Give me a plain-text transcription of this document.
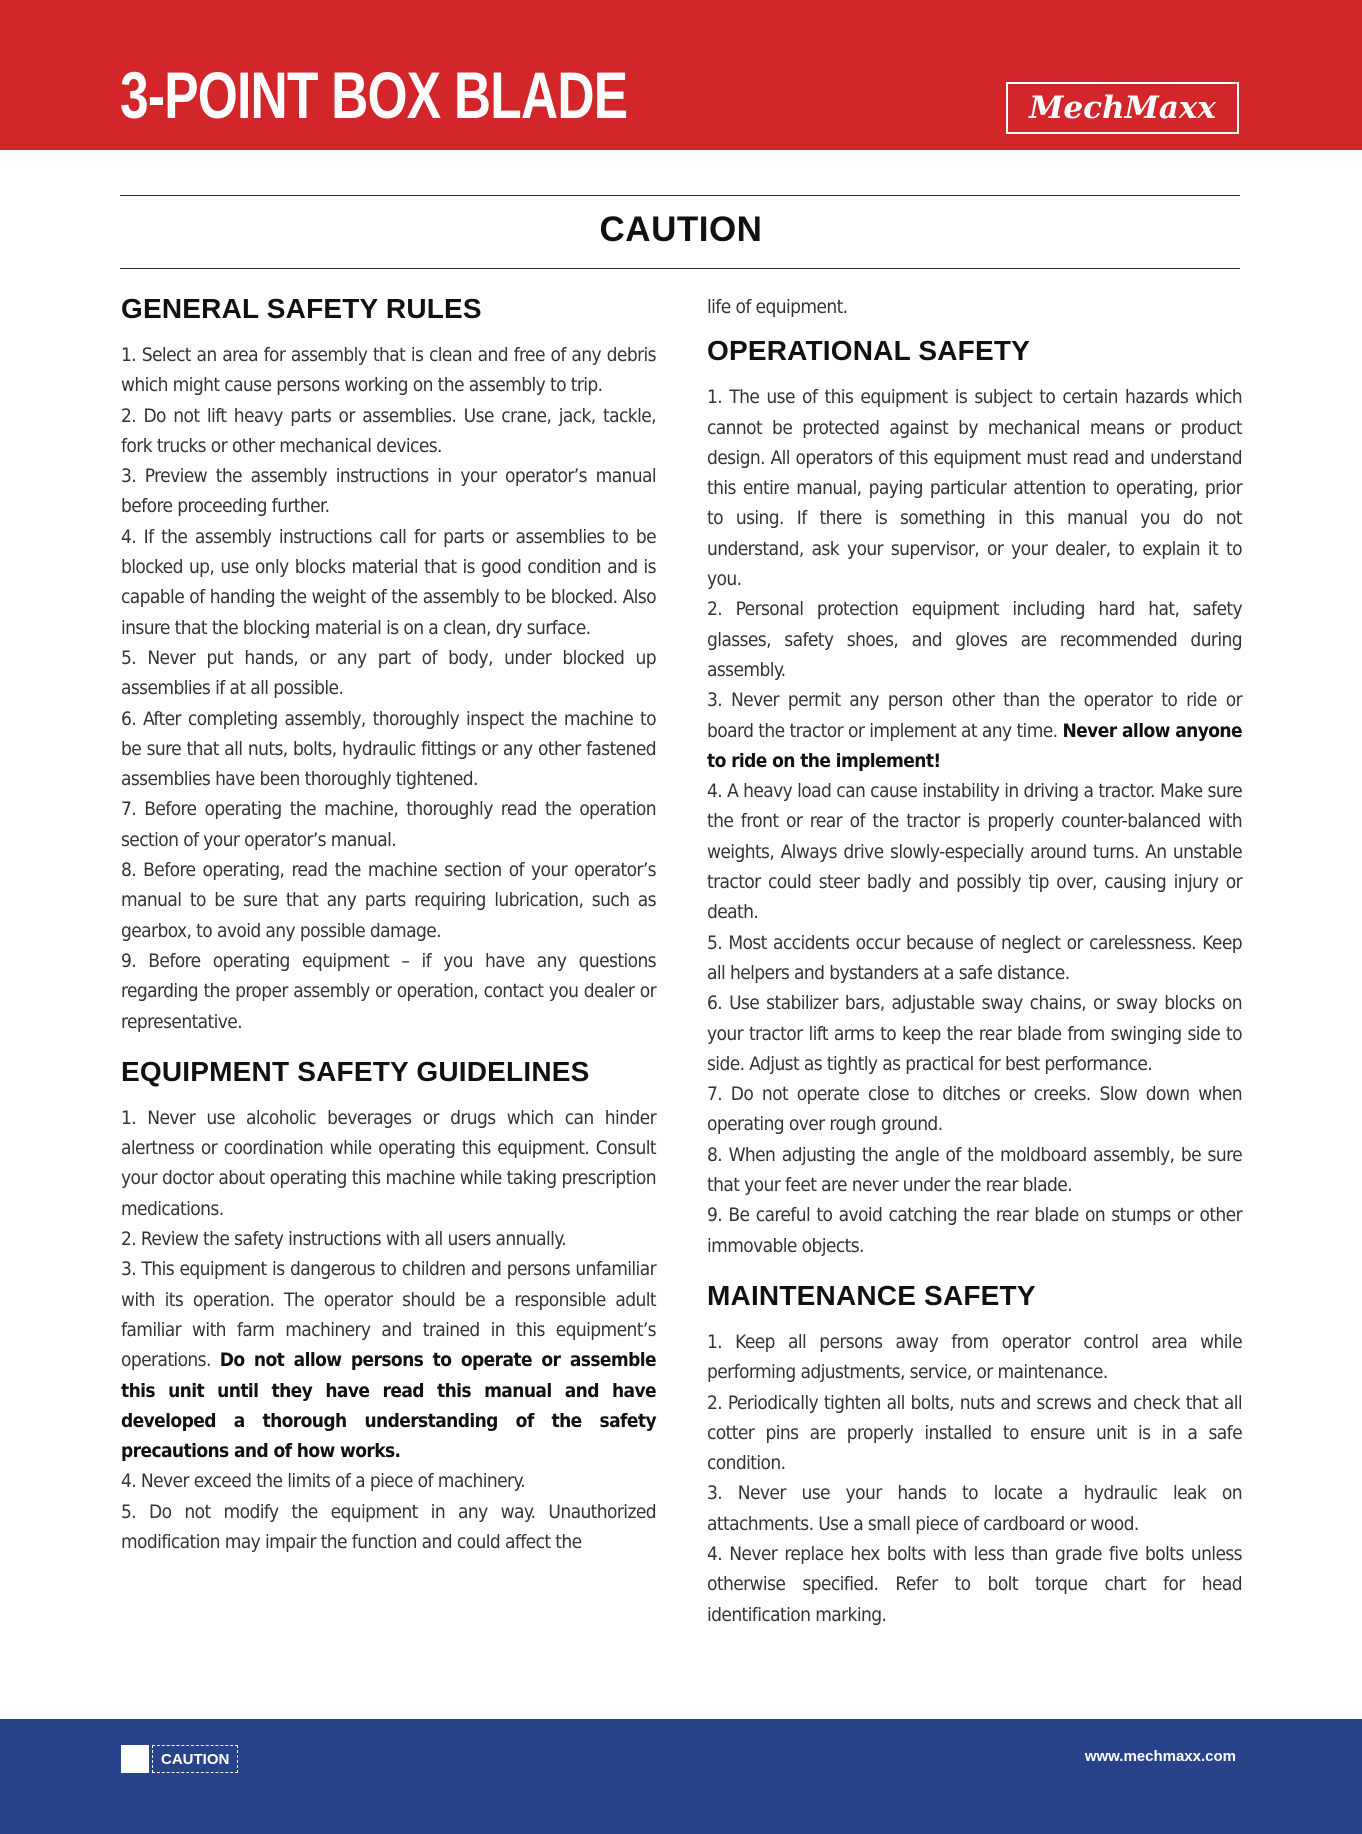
3-POINT BOX BLADE	MechMaxx
CAUTION
GENERAL SAFETY RULES

1. Select an area for assembly that is clean and free of any debris which might cause persons working on the assembly to trip.

2. Do not lift heavy parts or assemblies. Use crane, jack, tackle, fork trucks or other mechanical devices.

3. Preview the assembly instructions in your operator’s manual before proceeding further.

4. If the assembly instructions call for parts or assemblies to be blocked up, use only blocks material that is good condition and is capable of handing the weight of the assembly to be blocked. Also insure that the blocking material is on a clean, dry surface.

5. Never put hands, or any part of body, under blocked up assemblies if at all possible.

6. After completing assembly, thoroughly inspect the machine to be sure that all nuts, bolts, hydraulic fittings or any other fastened assemblies have been thoroughly tightened.

7. Before operating the machine, thoroughly read the operation section of your operator’s manual.

8. Before operating, read the machine section of your operator’s manual to be sure that any parts requiring lubrication, such as gearbox, to avoid any possible damage.

9. Before operating equipment – if you have any questions regarding the proper assembly or operation, contact you dealer or representative.

EQUIPMENT SAFETY GUIDELINES

1. Never use alcoholic beverages or drugs which can hinder alertness or coordination while operating this equipment. Consult your doctor about operating this machine while taking prescription medications.

2. Review the safety instructions with all users annually.

3. This equipment is dangerous to children and persons unfamiliar with its operation. The operator should be a responsible adult familiar with farm machinery and trained in this equipment’s operations. Do not allow persons to operate or assemble this unit until they have read this manual and have developed a thorough understanding of the safety precautions and of how works.

4. Never exceed the limits of a piece of machinery.

5. Do not modify the equipment in any way. Unauthorized modification may impair the function and could affect the

life of equipment.

OPERATIONAL SAFETY

1. The use of this equipment is subject to certain hazards which cannot be protected against by mechanical means or product design. All operators of this equipment must read and understand this entire manual, paying particular attention to operating, prior to using. If there is something in this manual you do not understand, ask your supervisor, or your dealer, to explain it to you.

2. Personal protection equipment including hard hat, safety glasses, safety shoes, and gloves are recommended during assembly.

3. Never permit any person other than the operator to ride or board the tractor or implement at any time. Never allow anyone to ride on the implement!

4. A heavy load can cause instability in driving a tractor. Make sure the front or rear of the tractor is properly counter-balanced with weights, Always drive slowly-especially around turns. An unstable tractor could steer badly and possibly tip over, causing injury or death.

5. Most accidents occur because of neglect or carelessness. Keep all helpers and bystanders at a safe distance.

6. Use stabilizer bars, adjustable sway chains, or sway blocks on your tractor lift arms to keep the rear blade from swinging side to side. Adjust as tightly as practical for best performance.

7. Do not operate close to ditches or creeks. Slow down when operating over rough ground.

8. When adjusting the angle of the moldboard assembly, be sure that your feet are never under the rear blade.

9. Be careful to avoid catching the rear blade on stumps or other immovable objects.

MAINTENANCE SAFETY

1. Keep all persons away from operator control area while performing adjustments, service, or maintenance.

2. Periodically tighten all bolts, nuts and screws and check that all cotter pins are properly installed to ensure unit is in a safe condition.

3. Never use your hands to locate a hydraulic leak on attachments. Use a small piece of cardboard or wood.

4. Never replace hex bolts with less than grade five bolts unless otherwise specified. Refer to bolt torque chart for head identification marking.

CAUTION	www.mechmaxx.com
